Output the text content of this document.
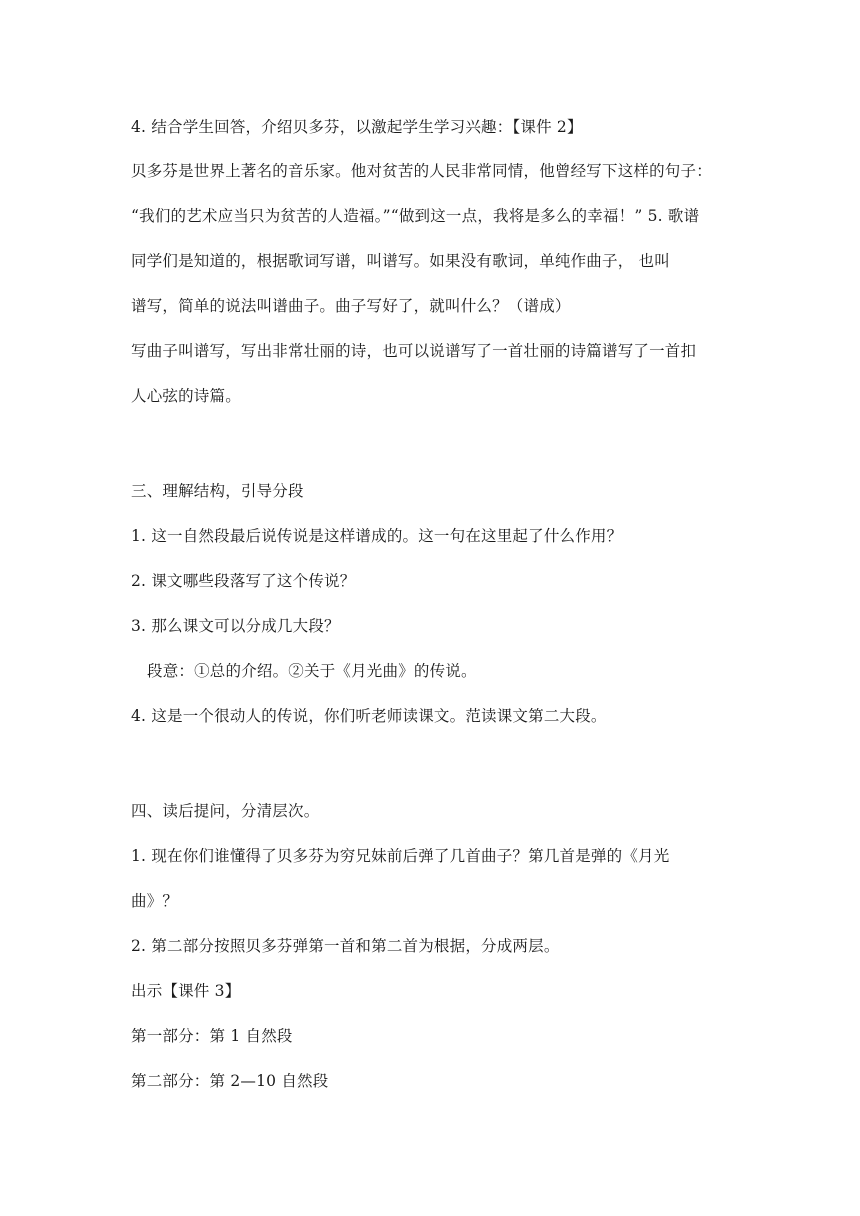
4. 结合学生回答，介绍贝多芬，以激起学生学习兴趣：【课件 2】
贝多芬是世界上著名的音乐家。他对贫苦的人民非常同情，他曾经写下这样的句子：
“我们的艺术应当只为贫苦的人造福。”“做到这一点，我将是多么的幸福！” 5. 歌谱
同学们是知道的，根据歌词写谱，叫谱写。如果没有歌词，单纯作曲子， 也叫
谱写，简单的说法叫谱曲子。曲子写好了，就叫什么？（谱成）
写曲子叫谱写，写出非常壮丽的诗，也可以说谱写了一首壮丽的诗篇谱写了一首扣
人心弦的诗篇。
三、理解结构，引导分段
1. 这一自然段最后说传说是这样谱成的。这一句在这里起了什么作用？
2. 课文哪些段落写了这个传说？
3. 那么课文可以分成几大段？
段意：①总的介绍。②关于《月光曲》的传说。
4. 这是一个很动人的传说，你们听老师读课文。范读课文第二大段。
四、读后提问，分清层次。
1. 现在你们谁懂得了贝多芬为穷兄妹前后弹了几首曲子？第几首是弹的《月光
曲》？
2. 第二部分按照贝多芬弹第一首和第二首为根据，分成两层。
出示【课件 3】
第一部分：第 1 自然段
第二部分：第 2—10 自然段
